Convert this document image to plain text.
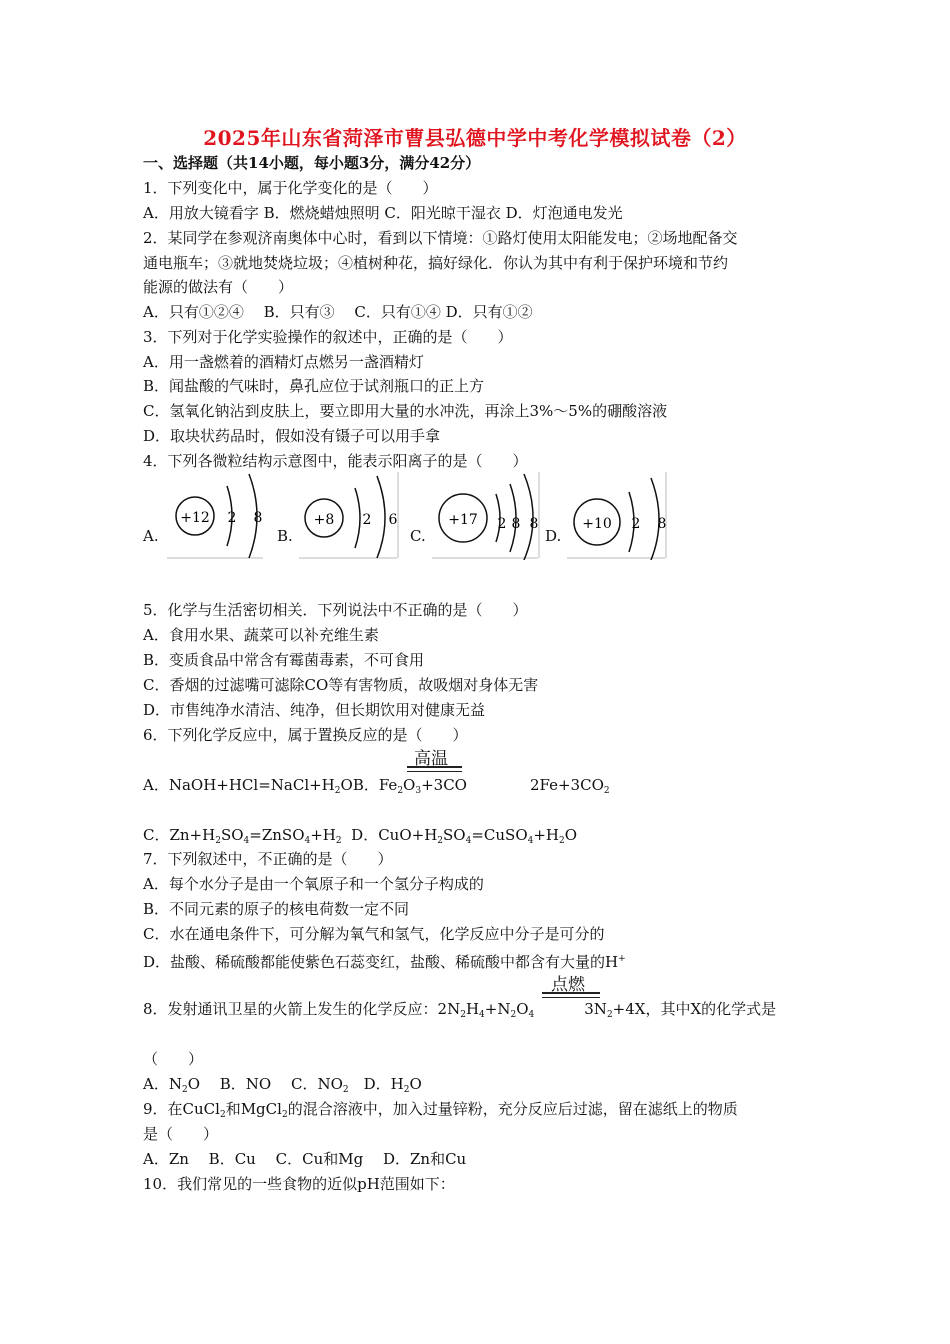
2025年山东省菏泽市曹县弘德中学中考化学模拟试卷（2）
一、选择题（共14小题，每小题3分，满分42分）
1．下列变化中，属于化学变化的是（　　）
A．用放大镜看字 B．燃烧蜡烛照明 C．阳光晾干湿衣 D．灯泡通电发光
2．某同学在参观济南奥体中心时，看到以下情境：①路灯使用太阳能发电；②场地配备交
通电瓶车；③就地焚烧垃圾；④植树种花，搞好绿化．你认为其中有利于保护环境和节约
能源的做法有（　　）
A．只有①②④　 B．只有③　 C．只有①④ D．只有①②
3．下列对于化学实验操作的叙述中，正确的是（　　）
A．用一盏燃着的酒精灯点燃另一盏酒精灯
B．闻盐酸的气味时，鼻孔应位于试剂瓶口的正上方
C．氢氧化钠沾到皮肤上，要立即用大量的水冲洗，再涂上3%～5%的硼酸溶液
D．取块状药品时，假如没有镊子可以用手拿
4．下列各微粒结构示意图中，能表示阳离子的是（　　）
A.
+12 2 8
B.
+8 2 6
C.
+17 2 8 8
D.
+10 2 8
5．化学与生活密切相关．下列说法中不正确的是（　　）
A．食用水果、蔬菜可以补充维生素
B．变质食品中常含有霉菌毒素，不可食用
C．香烟的过滤嘴可滤除CO等有害物质，故吸烟对身体无害
D．市售纯净水清洁、纯净，但长期饮用对健康无益
6．下列化学反应中，属于置换反应的是（　　）
高温
A．$NaOH+HCl=NaCl+H_2OB$．$Fe_2O_3+3CO$	$2Fe+3CO_2$
C．$Zn+H_2SO_4=ZnSO_4+H_2$ D．$CuO+H_2SO_4=CuSO_4+H_2O$
7．下列叙述中，不正确的是（　　）
A．每个水分子是由一个氧原子和一个氢分子构成的
B．不同元素的原子的核电荷数一定不同
C．水在通电条件下，可分解为氧气和氢气，化学反应中分子是可分的
D．盐酸、稀硫酸都能使紫色石蕊变红，盐酸、稀硫酸中都含有大量的H+
点燃
8．发射通讯卫星的火箭上发生的化学反应：$2N_2H_4+N_2O_4$	$3N_2+4X$，其中X的化学式是
（　　）
A．$N_2O$　 B．NO　 C．$NO_2$　D．$H_2O$
9．在CuCl$_2$和MgCl$_2$的混合溶液中，加入过量锌粉，充分反应后过滤，留在滤纸上的物质
是（　　）
A．Zn　 B．Cu　 C．Cu和Mg　 D．Zn和Cu
10．我们常见的一些食物的近似pH范围如下：
